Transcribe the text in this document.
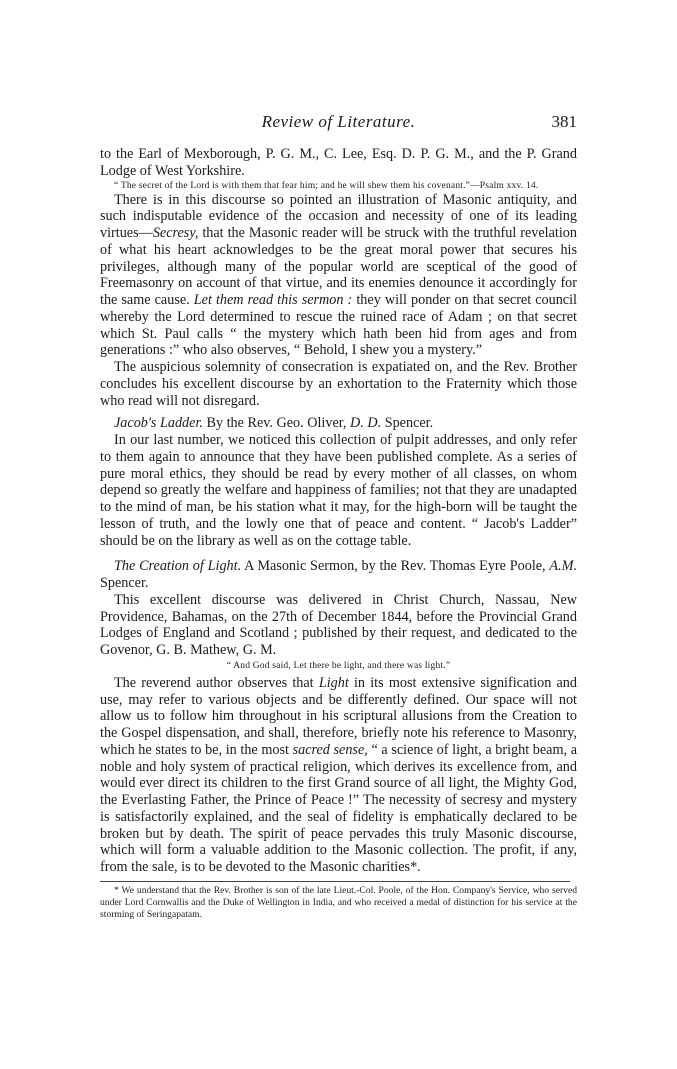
Review of Literature.	381

to the Earl of Mexborough, P. G. M., C. Lee, Esq. D. P. G. M., and the P. Grand Lodge of West Yorkshire.

“ The secret of the Lord is with them that fear him; and he will shew them his covenant.”—Psalm xxv. 14.

There is in this discourse so pointed an illustration of Masonic antiquity, and such indisputable evidence of the occasion and necessity of one of its leading virtues—Secresy, that the Masonic reader will be struck with the truthful revelation of what his heart acknowledges to be the great moral power that secures his privileges, although many of the popular world are sceptical of the good of Freemasonry on account of that virtue, and its enemies denounce it accordingly for the same cause. Let them read this sermon : they will ponder on that secret council whereby the Lord determined to rescue the ruined race of Adam ; on that secret which St. Paul calls “ the mystery which hath been hid from ages and from generations :” who also observes, “ Behold, I shew you a mystery.”

The auspicious solemnity of consecration is expatiated on, and the Rev. Brother concludes his excellent discourse by an exhortation to the Fraternity which those who read will not disregard.

Jacob's Ladder. By the Rev. Geo. Oliver, D. D. Spencer.

In our last number, we noticed this collection of pulpit addresses, and only refer to them again to announce that they have been published complete. As a series of pure moral ethics, they should be read by every mother of all classes, on whom depend so greatly the welfare and happiness of families; not that they are unadapted to the mind of man, be his station what it may, for the high-born will be taught the lesson of truth, and the lowly one that of peace and content. “ Jacob's Ladder” should be on the library as well as on the cottage table.

The Creation of Light. A Masonic Sermon, by the Rev. Thomas Eyre Poole, A.M. Spencer.

This excellent discourse was delivered in Christ Church, Nassau, New Providence, Bahamas, on the 27th of December 1844, before the Provincial Grand Lodges of England and Scotland ; published by their request, and dedicated to the Govenor, G. B. Mathew, G. M.

“ And God said, Let there be light, and there was light.”

The reverend author observes that Light in its most extensive signification and use, may refer to various objects and be differently defined. Our space will not allow us to follow him throughout in his scriptural allusions from the Creation to the Gospel dispensation, and shall, therefore, briefly note his reference to Masonry, which he states to be, in the most sacred sense, “ a science of light, a bright beam, a noble and holy system of practical religion, which derives its excellence from, and would ever direct its children to the first Grand source of all light, the Mighty God, the Everlasting Father, the Prince of Peace !” The necessity of secresy and mystery is satisfactorily explained, and the seal of fidelity is emphatically declared to be broken but by death. The spirit of peace pervades this truly Masonic discourse, which will form a valuable addition to the Masonic collection. The profit, if any, from the sale, is to be devoted to the Masonic charities*.

* We understand that the Rev. Brother is son of the late Lieut.-Col. Poole, of the Hon. Company's Service, who served under Lord Cornwallis and the Duke of Wellington in India, and who received a medal of distinction for his service at the storming of Seringapatam.
